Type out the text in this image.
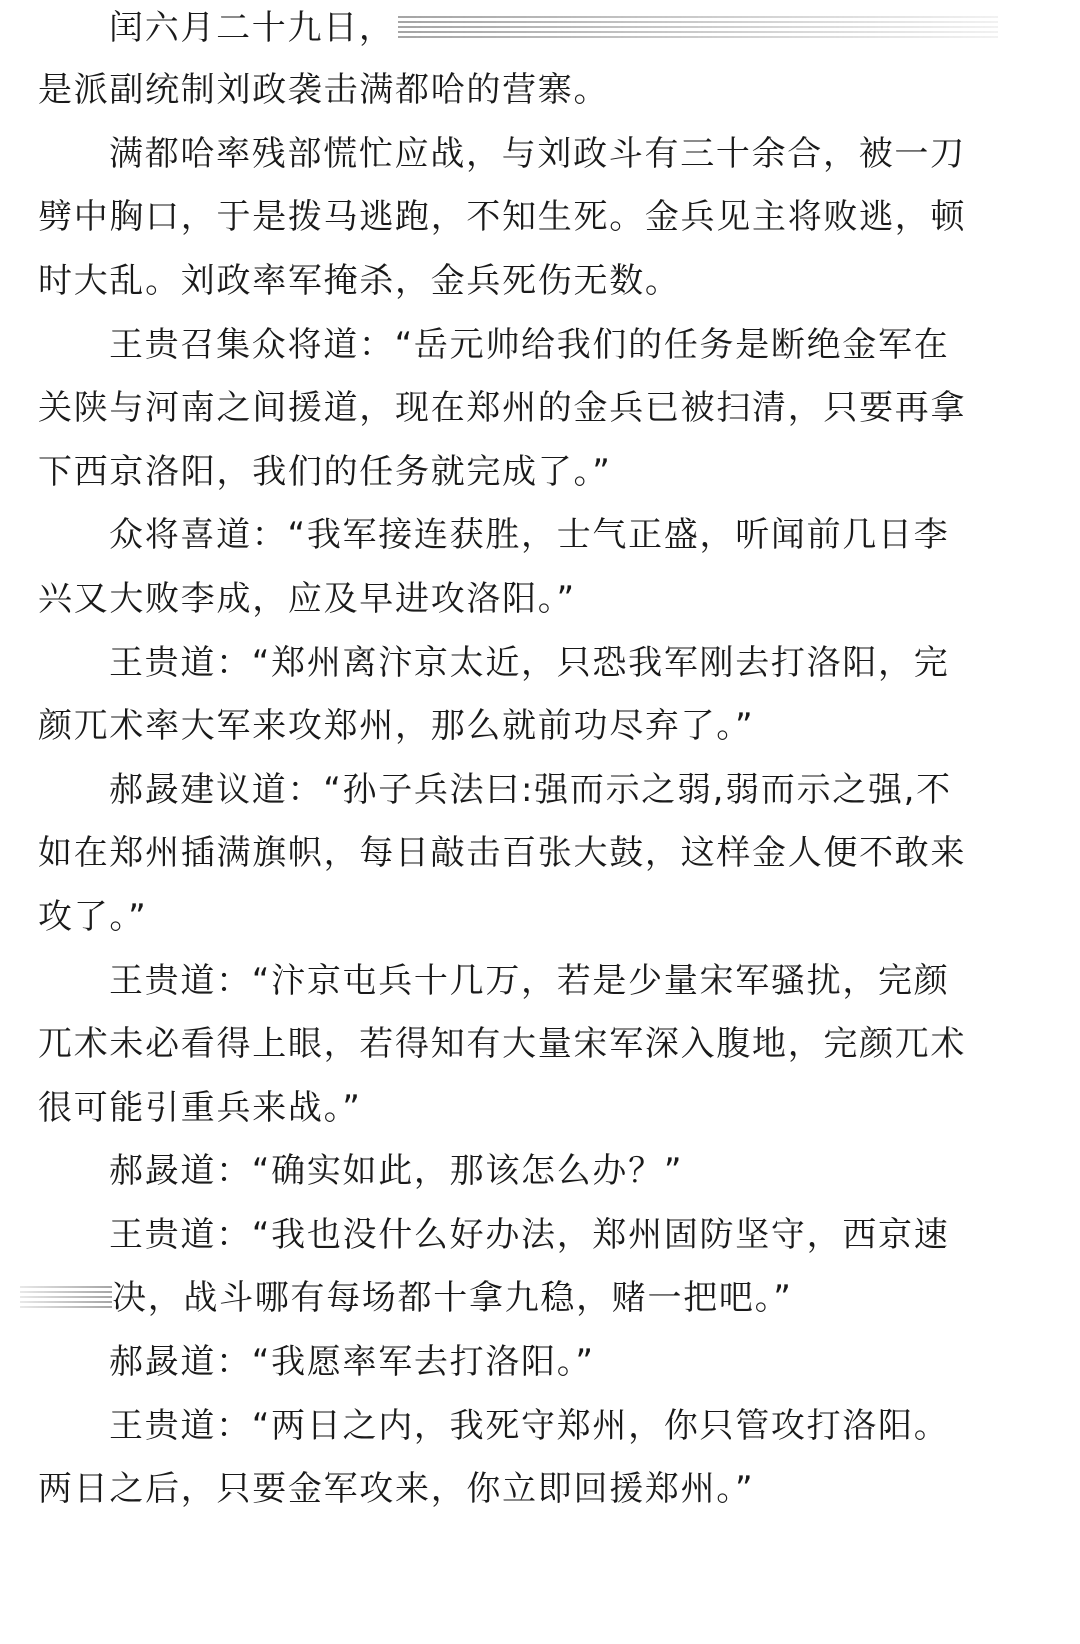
闰六月二十九日，
是派副统制刘政袭击满都哈的营寨。
满都哈率残部慌忙应战，与刘政斗有三十余合，被一刀
劈中胸口，于是拨马逃跑，不知生死。金兵见主将败逃，顿
时大乱。刘政率军掩杀，金兵死伤无数。
王贵召集众将道：“岳元帅给我们的任务是断绝金军在
关陕与河南之间援道，现在郑州的金兵已被扫清，只要再拿
下西京洛阳，我们的任务就完成了。”
众将喜道：“我军接连获胜，士气正盛，听闻前几日李
兴又大败李成，应及早进攻洛阳。”
王贵道：“郑州离汴京太近，只恐我军刚去打洛阳，完
颜兀术率大军来攻郑州，那么就前功尽弃了。”
郝晸建议道：“孙子兵法曰:强而示之弱,弱而示之强,不
如在郑州插满旗帜，每日敲击百张大鼓，这样金人便不敢来
攻了。”
王贵道：“汴京屯兵十几万，若是少量宋军骚扰，完颜
兀术未必看得上眼，若得知有大量宋军深入腹地，完颜兀术
很可能引重兵来战。”
郝晸道：“确实如此，那该怎么办？”
王贵道：“我也没什么好办法，郑州固防坚守，西京速
决，战斗哪有每场都十拿九稳，赌一把吧。”
郝晸道：“我愿率军去打洛阳。”
王贵道：“两日之内，我死守郑州，你只管攻打洛阳。
两日之后，只要金军攻来，你立即回援郑州。”
